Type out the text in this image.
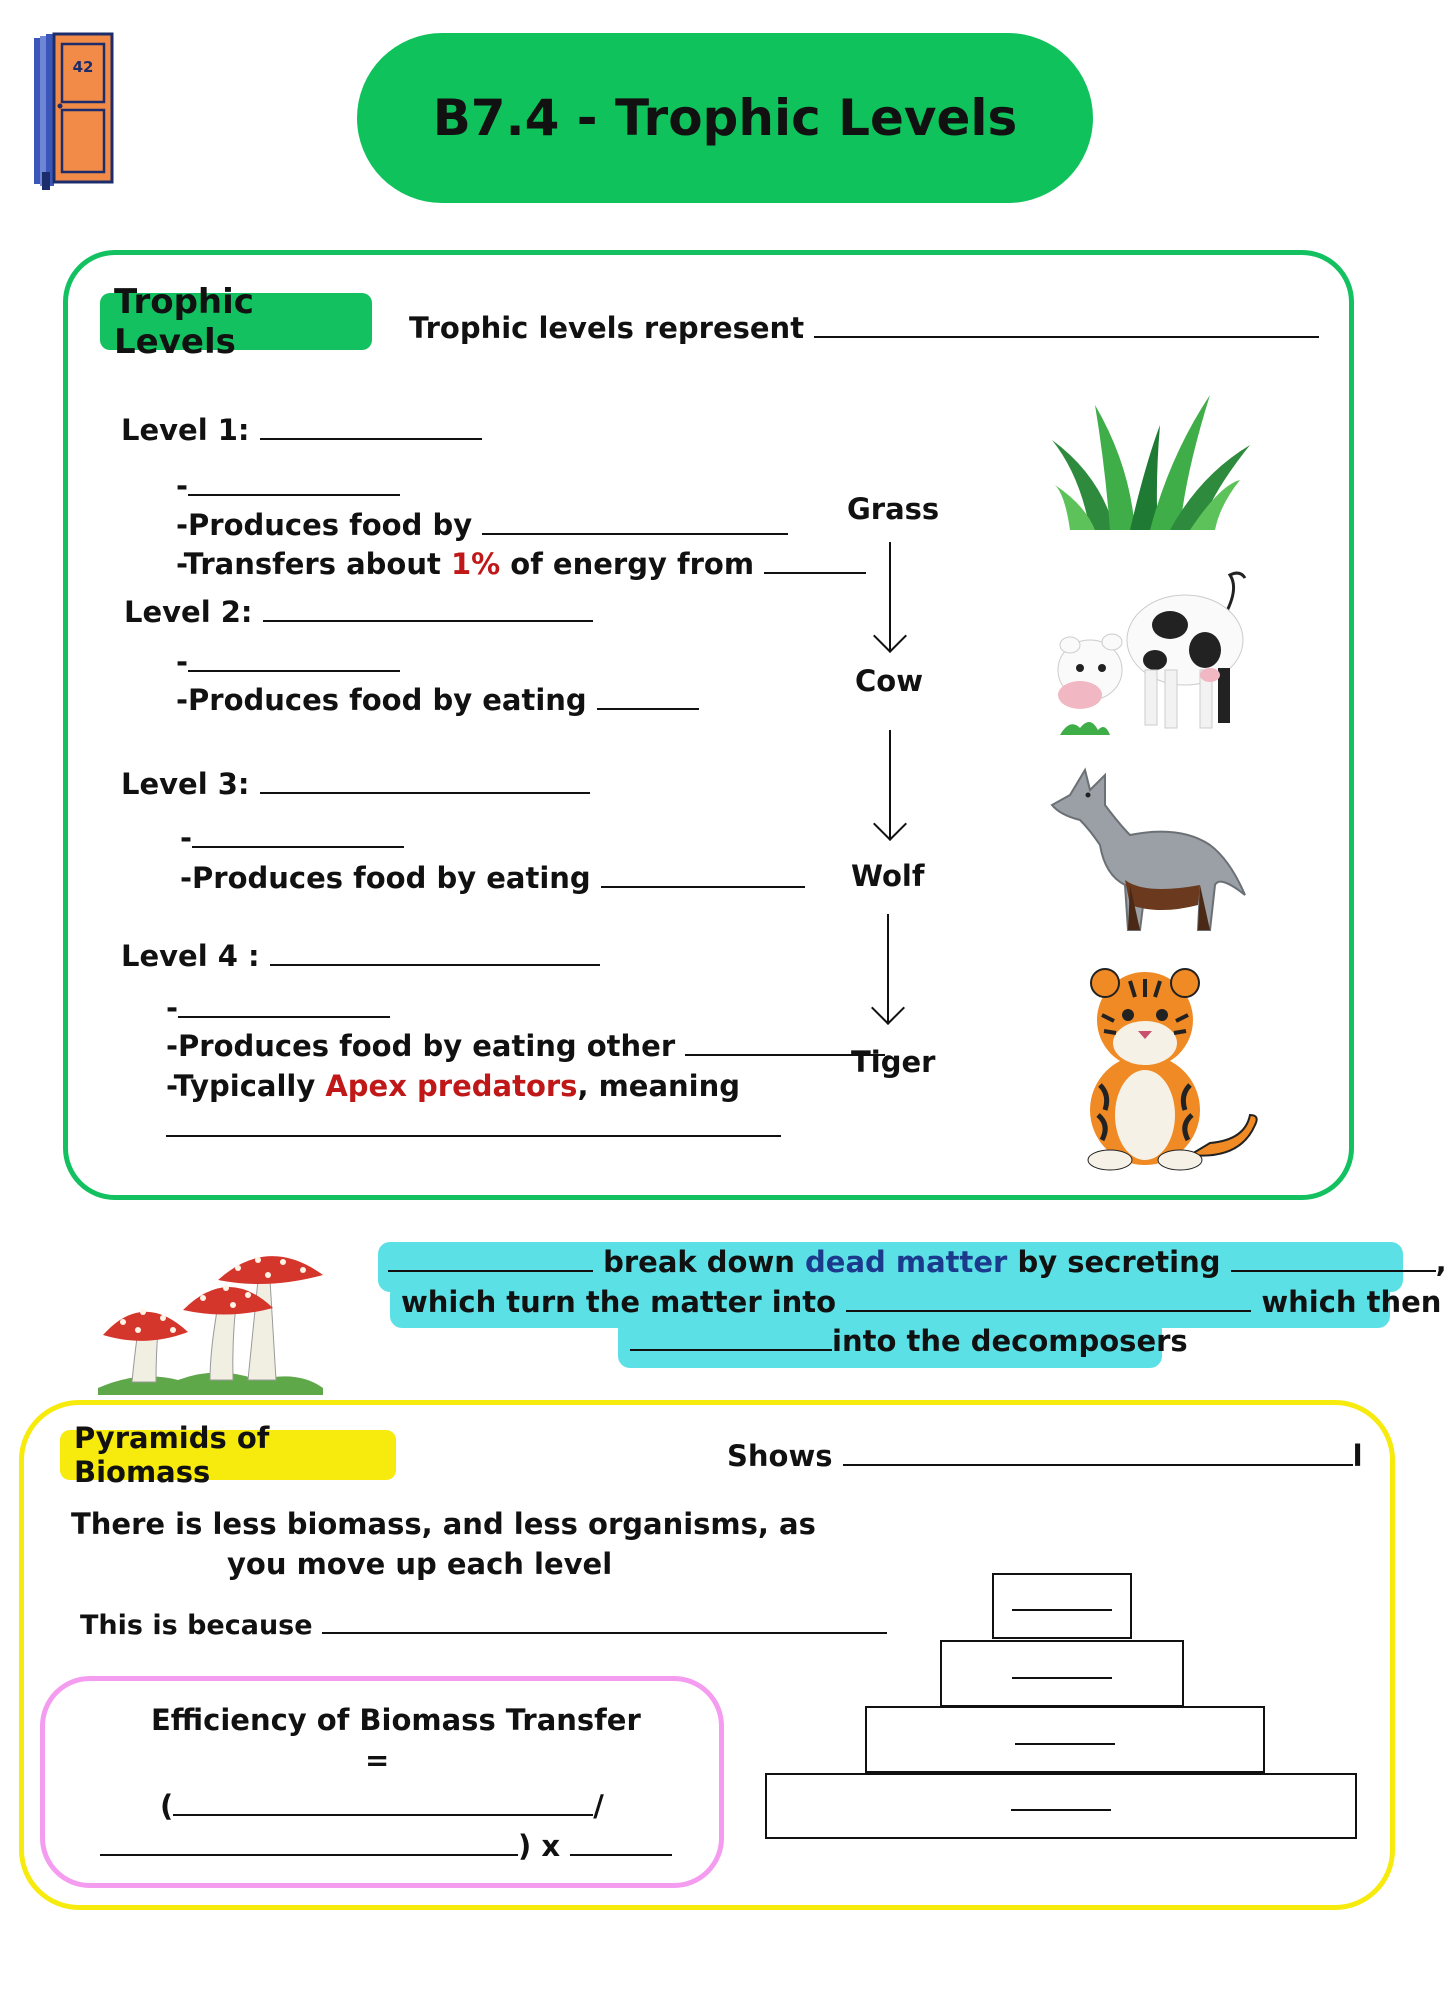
42
B7.4 - Trophic Levels
Trophic Levels	Trophic levels represent
Level 1:
-
-Produces food by
-Transfers about 1% of energy from
Level 2:
-
-Produces food by eating
Level 3:
-
-Produces food by eating
Level 4 :
-
-Produces food by eating other
-Typically Apex predators, meaning
Grass
Cow
Wolf
Tiger
break down dead matter by secreting	,
which turn the matter into	which then
into the decomposers
Pyramids of Biomass	Shows	l
There is less biomass, and less organisms, as
you move up each level
This is because
Efficiency of Biomass Transfer
=
(	/
) x
